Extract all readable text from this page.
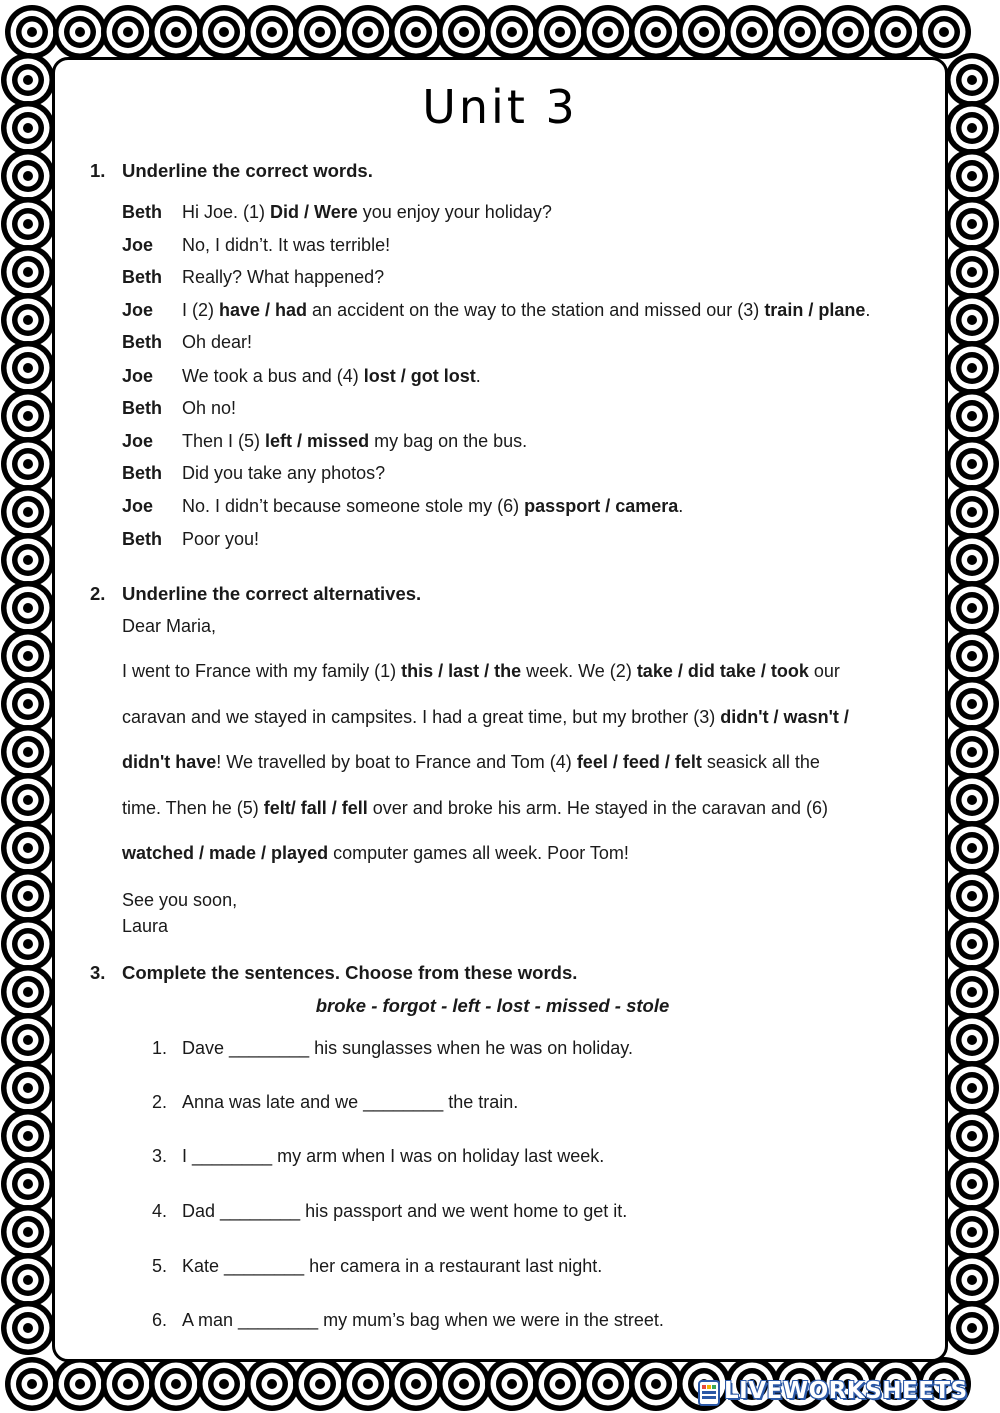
Unit 3
1. Underline the correct words.
Beth Hi Joe. (1) Did / Were you enjoy your holiday?
Joe No, I didn’t. It was terrible!
Beth Really? What happened?
Joe I (2) have / had an accident on the way to the station and missed our (3) train / plane.
Beth Oh dear!
Joe We took a bus and (4) lost / got lost.
Beth Oh no!
Joe Then I (5) left / missed my bag on the bus.
Beth Did you take any photos?
Joe No. I didn’t because someone stole my (6) passport / camera.
Beth Poor you!
2. Underline the correct alternatives.
Dear Maria,
I went to France with my family (1) this / last / the week. We (2) take / did take / took our
caravan and we stayed in campsites. I had a great time, but my brother (3) didn't / wasn't /
didn't have! We travelled by boat to France and Tom (4) feel / feed / felt seasick all the
time. Then he (5) felt/ fall / fell over and broke his arm. He stayed in the caravan and (6)
watched / made / played computer games all week. Poor Tom!
See you soon,
Laura
3. Complete the sentences. Choose from these words.
broke - forgot - left - lost - missed - stole
1. Dave ________ his sunglasses when he was on holiday.
2. Anna was late and we ________ the train.
3. I ________ my arm when I was on holiday last week.
4. Dad ________ his passport and we went home to get it.
5. Kate ________ her camera in a restaurant last night.
6. A man ________ my mum’s bag when we were in the street.
LIVEWORKSHEETS
